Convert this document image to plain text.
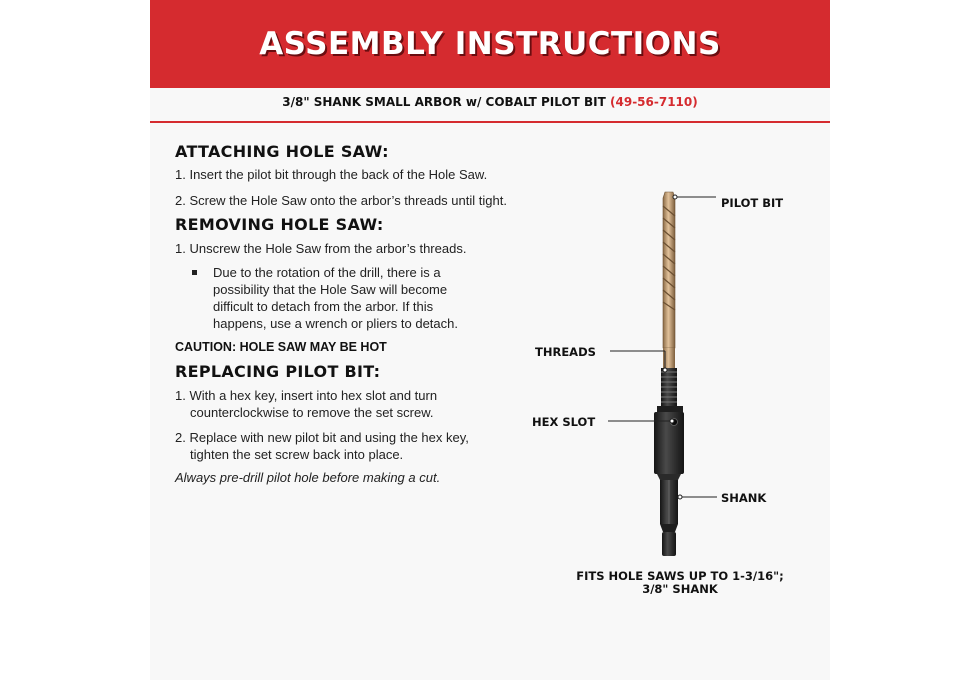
ASSEMBLY INSTRUCTIONS
3/8" SHANK SMALL ARBOR w/ COBALT PILOT BIT (49-56-7110)
ATTACHING HOLE SAW:

1. Insert the pilot bit through the back of the Hole Saw.

2. Screw the Hole Saw onto the arbor’s threads until tight.

REMOVING HOLE SAW:

1. Unscrew the Hole Saw from the arbor’s threads.

Due to the rotation of the drill, there is a
possibility that the Hole Saw will become
difficult to detach from the arbor. If this
happens, use a wrench or pliers to detach.
CAUTION: HOLE SAW MAY BE HOT
REPLACING PILOT BIT:
1. With a hex key, insert into hex slot and turn
counterclockwise to remove the set screw.
2. Replace with new pilot bit and using the hex key,
tighten the set screw back into place.

Always pre-drill pilot hole before making a cut.

PILOT BIT
THREADS
HEX SLOT
SHANK
FITS HOLE SAWS UP TO 1-3/16";
3/8" SHANK
